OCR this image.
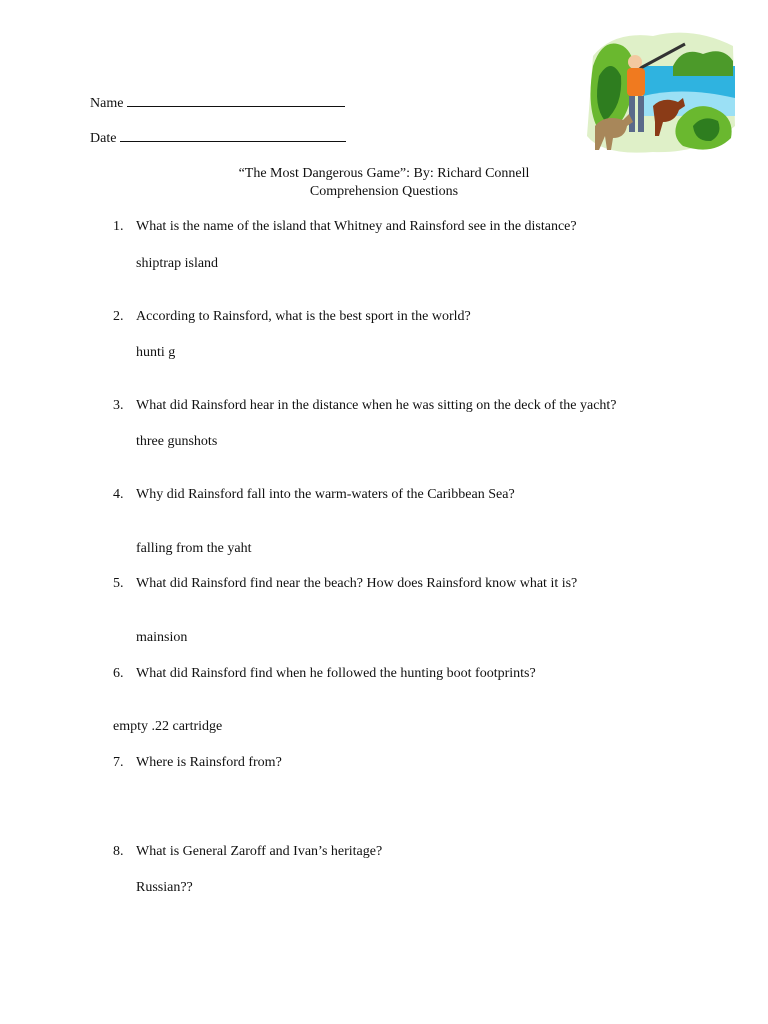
Name
Date
“The Most Dangerous Game”: By: Richard Connell
Comprehension Questions
1. What is the name of the island that Whitney and Rainsford see in the distance?
shiptrap island
2. According to Rainsford, what is the best sport in the world?
hunti g
3. What did Rainsford hear in the distance when he was sitting on the deck of the yacht?
three gunshots
4. Why did Rainsford fall into the warm-waters of the Caribbean Sea?
falling from the yaht
5. What did Rainsford find near the beach? How does Rainsford know what it is?
mainsion
6. What did Rainsford find when he followed the hunting boot footprints?
empty .22 cartridge
7. Where is Rainsford from?
8. What is General Zaroff and Ivan’s heritage?
Russian??
